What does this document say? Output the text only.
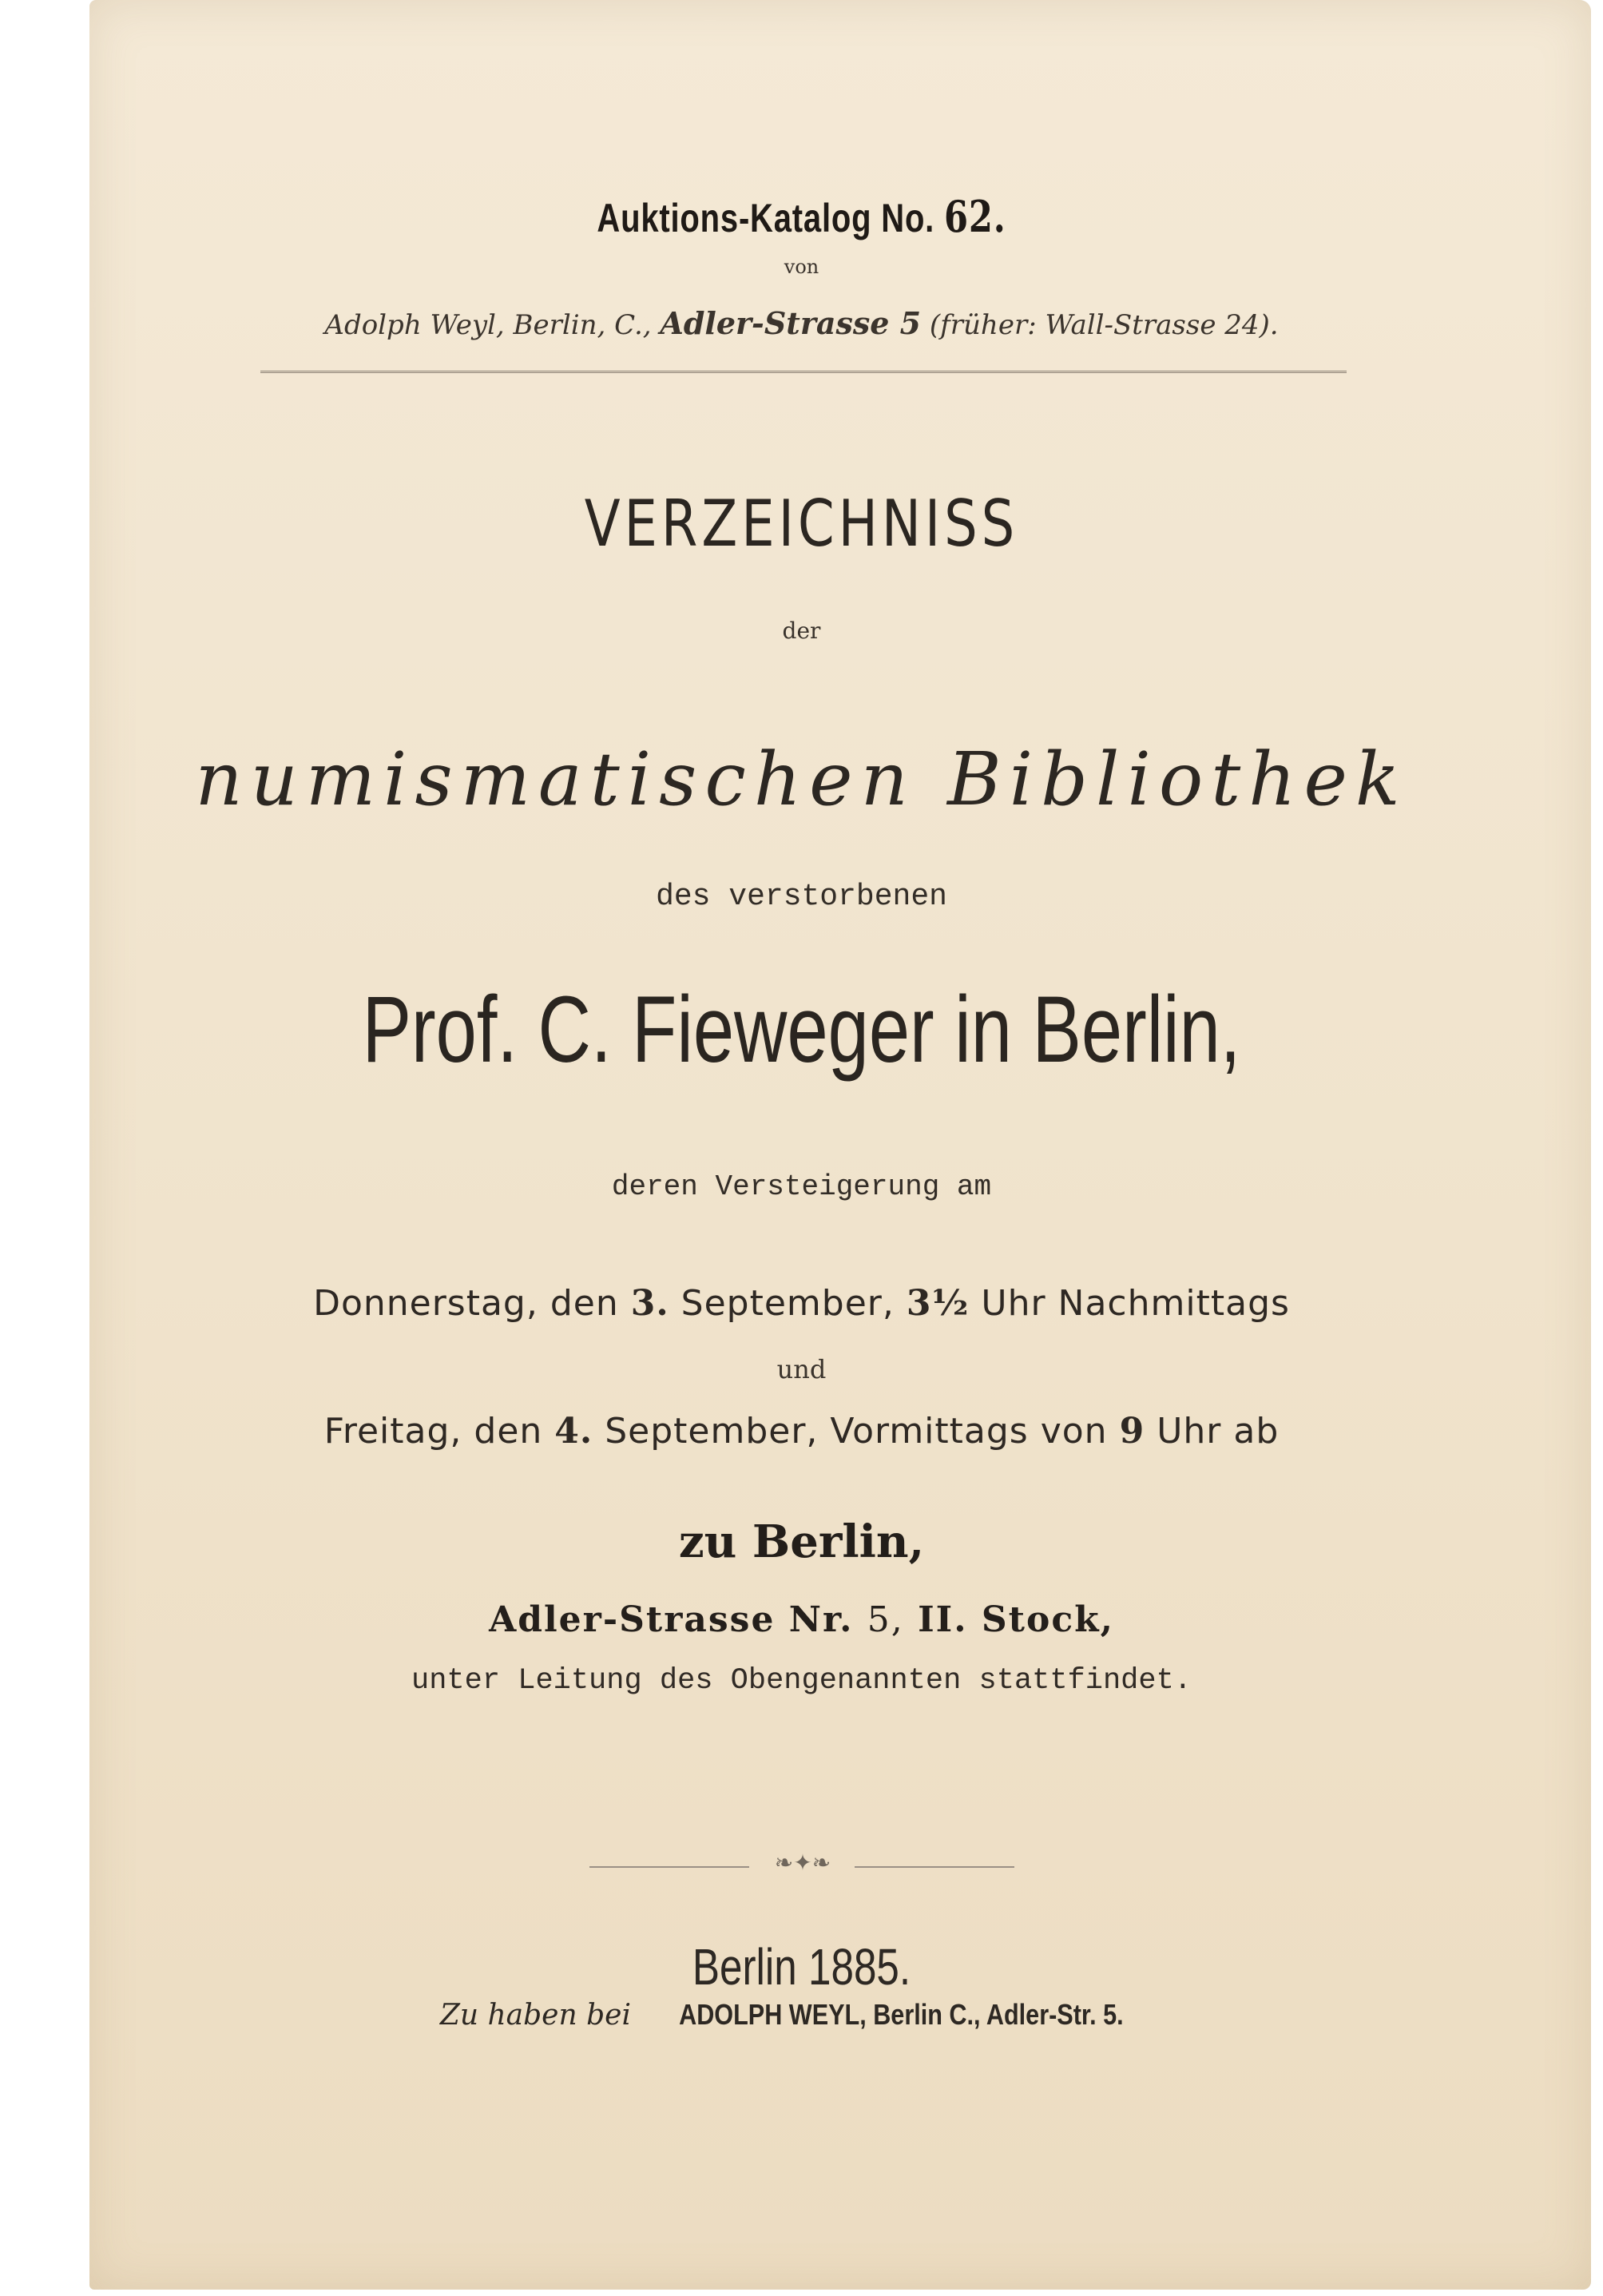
Auktions-Katalog No. 62.
von
Adolph Weyl, Berlin, C., Adler-Strasse 5 (früher: Wall-Strasse 24).
VERZEICHNISS
der
numismatischen Bibliothek
des verstorbenen
Prof. C. Fieweger in Berlin,
deren Versteigerung am
Donnerstag, den 3. September, 3½ Uhr Nachmittags
und
Freitag, den 4. September, Vormittags von 9 Uhr ab
zu Berlin,
Adler-Strasse Nr. 5, II. Stock,
unter Leitung des Obengenannten stattfindet.
❧✦❧
Berlin 1885.
Zu haben bei ADOLPH WEYL, Berlin C., Adler-Str. 5.
